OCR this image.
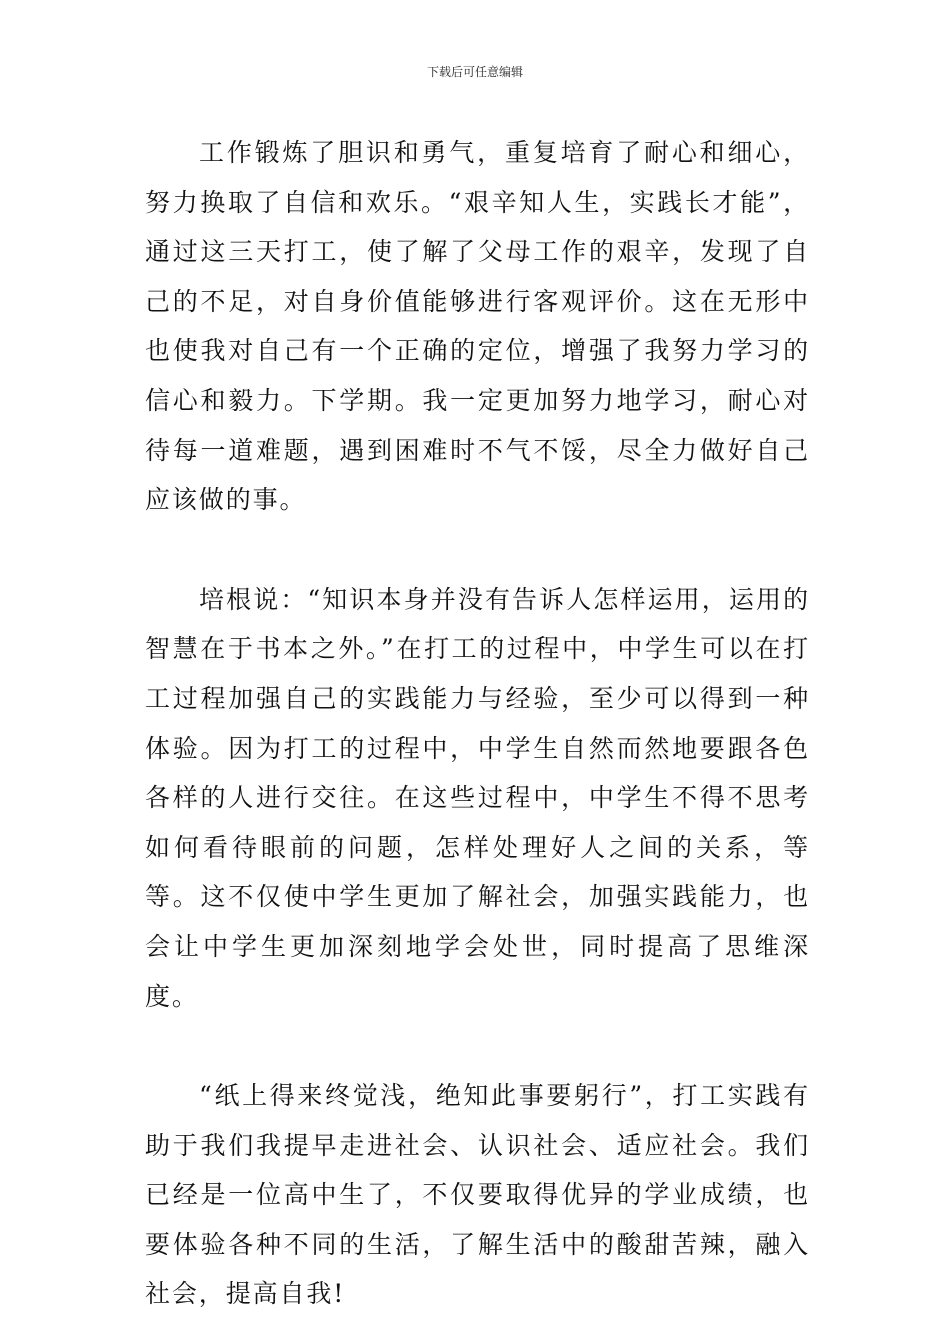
下载后可任意编辑

工作锻炼了胆识和勇气，重复培育了耐心和细心，努力换取了自信和欢乐。“艰辛知人生，实践长才能”，通过这三天打工，使了解了父母工作的艰辛，发现了自己的不足，对自身价值能够进行客观评价。这在无形中也使我对自己有一个正确的定位，增强了我努力学习的信心和毅力。下学期。我一定更加努力地学习，耐心对待每一道难题，遇到困难时不气不馁，尽全力做好自己应该做的事。

培根说：“知识本身并没有告诉人怎样运用，运用的智慧在于书本之外。”在打工的过程中，中学生可以在打工过程加强自己的实践能力与经验，至少可以得到一种体验。因为打工的过程中，中学生自然而然地要跟各色各样的人进行交往。在这些过程中，中学生不得不思考如何看待眼前的问题，怎样处理好人之间的关系，等等。这不仅使中学生更加了解社会，加强实践能力，也会让中学生更加深刻地学会处世，同时提高了思维深度。

“纸上得来终觉浅，绝知此事要躬行”，打工实践有助于我们我提早走进社会、认识社会、适应社会。我们已经是一位高中生了，不仅要取得优异的学业成绩，也要体验各种不同的生活，了解生活中的酸甜苦辣，融入社会，提高自我!
